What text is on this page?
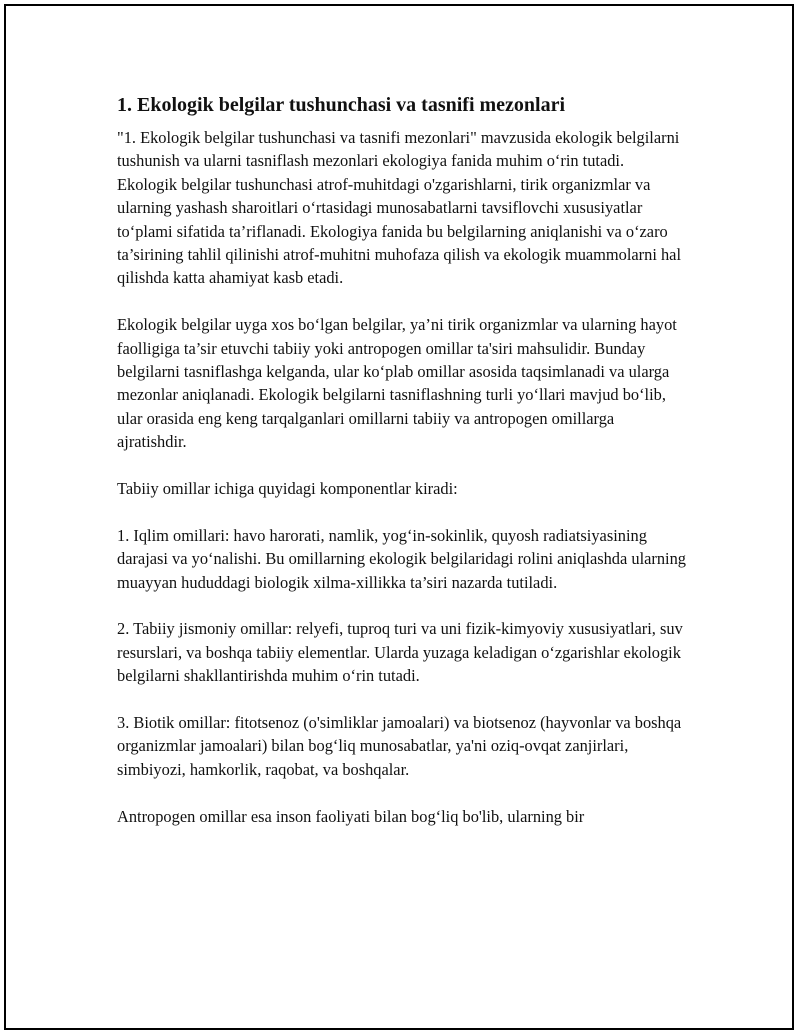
1. Ekologik belgilar tushunchasi va tasnifi mezonlari

"1. Ekologik belgilar tushunchasi va tasnifi mezonlari" mavzusida ekologik belgilarni tushunish va ularni tasniflash mezonlari ekologiya fanida muhim o‘rin tutadi. Ekologik belgilar tushunchasi atrof-muhitdagi o'zgarishlarni, tirik organizmlar va ularning yashash sharoitlari o‘rtasidagi munosabatlarni tavsiflovchi xususiyatlar to‘plami sifatida ta’riflanadi. Ekologiya fanida bu belgilarning aniqlanishi va o‘zaro ta’sirining tahlil qilinishi atrof-muhitni muhofaza qilish va ekologik muammolarni hal qilishda katta ahamiyat kasb etadi.

Ekologik belgilar uyga xos bo‘lgan belgilar, ya’ni tirik organizmlar va ularning hayot faolligiga ta’sir etuvchi tabiiy yoki antropogen omillar ta'siri mahsulidir. Bunday belgilarni tasniflashga kelganda, ular ko‘plab omillar asosida taqsimlanadi va ularga mezonlar aniqlanadi. Ekologik belgilarni tasniflashning turli yo‘llari mavjud bo‘lib, ular orasida eng keng tarqalganlari omillarni tabiiy va antropogen omillarga ajratishdir.

Tabiiy omillar ichiga quyidagi komponentlar kiradi:

1. Iqlim omillari: havo harorati, namlik, yog‘in-sokinlik, quyosh radiatsiyasining darajasi va yo‘nalishi. Bu omillarning ekologik belgilaridagi rolini aniqlashda ularning muayyan hududdagi biologik xilma-xillikka ta’siri nazarda tutiladi.

2. Tabiiy jismoniy omillar: relyefi, tuproq turi va uni fizik-kimyoviy xususiyatlari, suv resurslari, va boshqa tabiiy elementlar. Ularda yuzaga keladigan o‘zgarishlar ekologik belgilarni shakllantirishda muhim o‘rin tutadi.

3. Biotik omillar: fitotsenoz (o'simliklar jamoalari) va biotsenoz (hayvonlar va boshqa organizmlar jamoalari) bilan bog‘liq munosabatlar, ya'ni oziq-ovqat zanjirlari, simbiyozi, hamkorlik, raqobat, va boshqalar.

Antropogen omillar esa inson faoliyati bilan bog‘liq bo'lib, ularning bir
